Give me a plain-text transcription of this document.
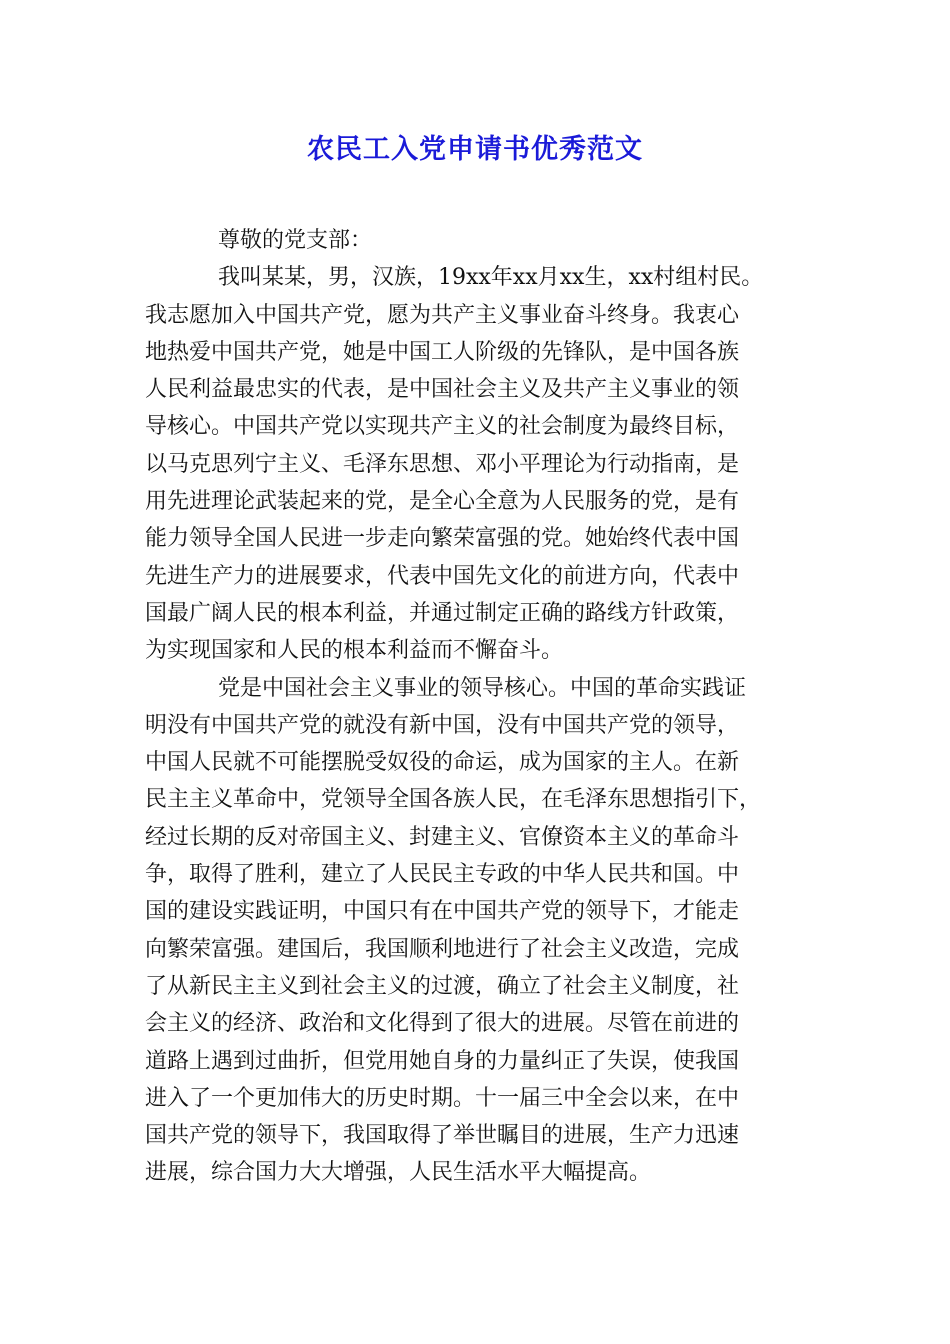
农民工入党申请书优秀范文
尊敬的党支部：
我叫某某，男，汉族，19xx年xx月xx生，xx村组村民。
我志愿加入中国共产党，愿为共产主义事业奋斗终身。我衷心
地热爱中国共产党，她是中国工人阶级的先锋队，是中国各族
人民利益最忠实的代表，是中国社会主义及共产主义事业的领
导核心。中国共产党以实现共产主义的社会制度为最终目标，
以马克思列宁主义、毛泽东思想、邓小平理论为行动指南，是
用先进理论武装起来的党，是全心全意为人民服务的党，是有
能力领导全国人民进一步走向繁荣富强的党。她始终代表中国
先进生产力的进展要求，代表中国先文化的前进方向，代表中
国最广阔人民的根本利益，并通过制定正确的路线方针政策，
为实现国家和人民的根本利益而不懈奋斗。
党是中国社会主义事业的领导核心。中国的革命实践证
明没有中国共产党的就没有新中国，没有中国共产党的领导，
中国人民就不可能摆脱受奴役的命运，成为国家的主人。在新
民主主义革命中，党领导全国各族人民，在毛泽东思想指引下，
经过长期的反对帝国主义、封建主义、官僚资本主义的革命斗
争，取得了胜利，建立了人民民主专政的中华人民共和国。中
国的建设实践证明，中国只有在中国共产党的领导下，才能走
向繁荣富强。建国后，我国顺利地进行了社会主义改造，完成
了从新民主主义到社会主义的过渡，确立了社会主义制度，社
会主义的经济、政治和文化得到了很大的进展。尽管在前进的
道路上遇到过曲折，但党用她自身的力量纠正了失误，使我国
进入了一个更加伟大的历史时期。十一届三中全会以来，在中
国共产党的领导下，我国取得了举世瞩目的进展，生产力迅速
进展，综合国力大大增强，人民生活水平大幅提高。
